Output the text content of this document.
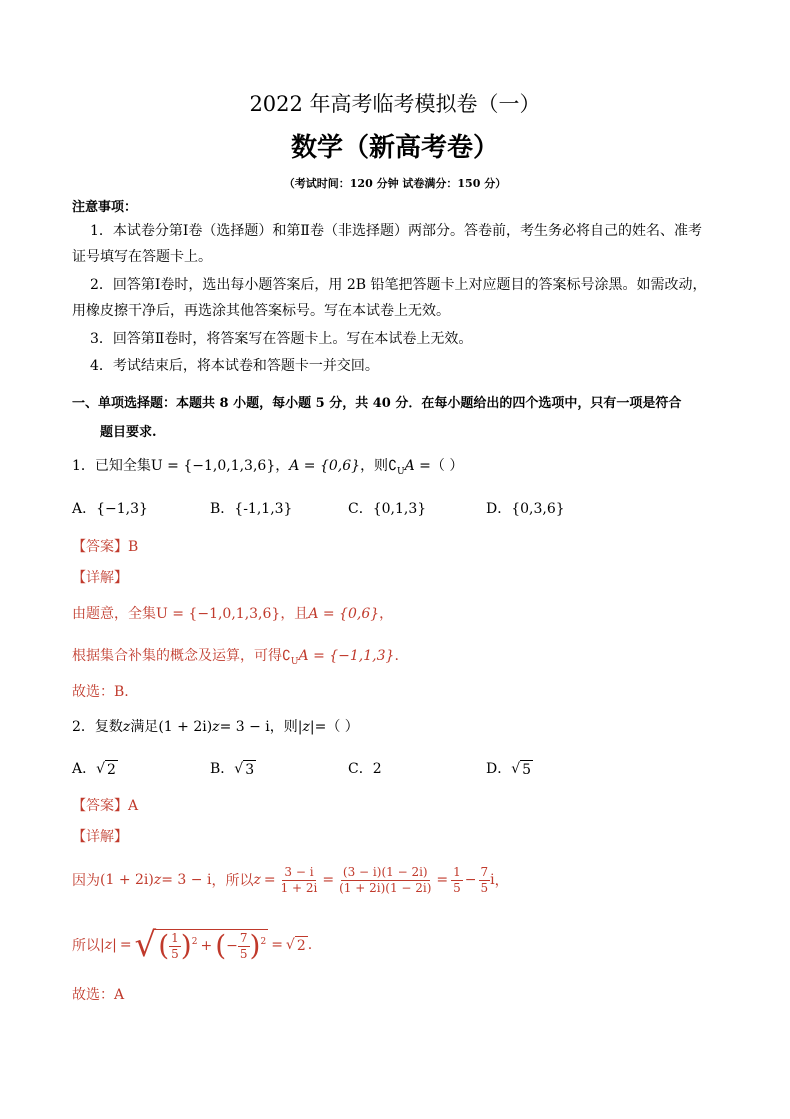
2022 年高考临考模拟卷（一）
数学（新高考卷）
（考试时间：120 分钟 试卷满分：150 分）
注意事项：
1．本试卷分第Ⅰ卷（选择题）和第Ⅱ卷（非选择题）两部分。答卷前，考生务必将自己的姓名、准考
证号填写在答题卡上。
2．回答第Ⅰ卷时，选出每小题答案后，用 2B 铅笔把答题卡上对应题目的答案标号涂黑。如需改动，
用橡皮擦干净后，再选涂其他答案标号。写在本试卷上无效。
3．回答第Ⅱ卷时，将答案写在答题卡上。写在本试卷上无效。
4．考试结束后，将本试卷和答题卡一并交回。
一、单项选择题：本题共 8 小题，每小题 5 分，共 40 分．在每小题给出的四个选项中，只有一项是符合
题目要求.
1．已知全集U = {−1,0,1,3,6}，A = {0,6}，则$∁_UA$ =（ ）
A．{−1,3}	B．{-1,1,3}	C．{0,1,3}	D．{0,3,6}
【答案】B
【详解】
由题意，全集U = {−1,0,1,3,6}，且A = {0,6}，
根据集合补集的概念及运算，可得$∁_UA = \{-1,1,3\}$.
故选：B.
2．复数z满足(1 + 2i)z= 3 − i，则|z|=（ ）
A．√ 2	B．√ 3	C．2	D．√ 5
【答案】A
【详解】
因为 (1 + 2i) z = 3 − i ，所以 $z = \frac{3 - i}{1 + 2i} = \frac{(3 - i)(1 - 2i)}{(1 + 2i)(1 - 2i)} = \frac{1}{5} - \frac{7}{5}$ i ，
所以 |z| = √ ( $\frac{1}{5}$ ) 2 + ( − $\frac{7}{5}$ ) 2 = √ 2 .
故选：A
